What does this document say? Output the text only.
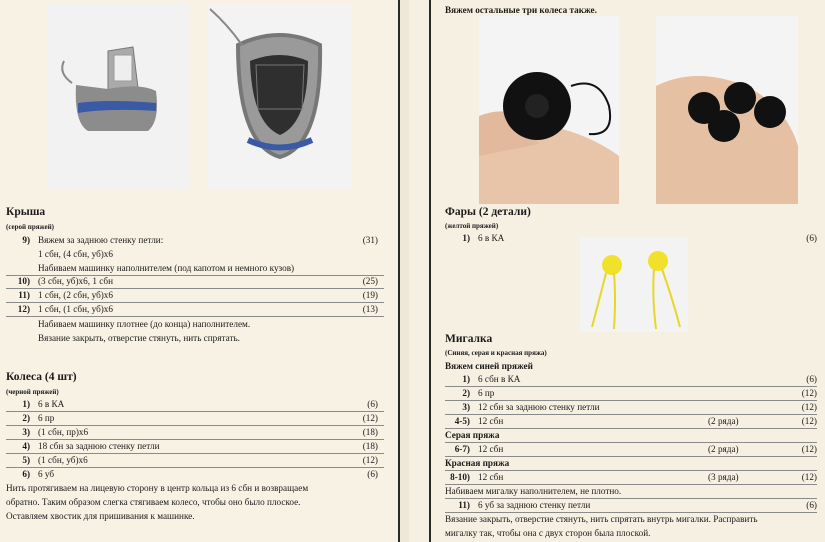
Крыша
(серой пряжей)
9) Вяжем за заднюю стенку петли:	(31)
1 сбн, (4 сбн, уб)х6
Набиваем машинку наполнителем (под капотом и немного кузов)
10) (3 сбн, уб)х6, 1 сбн	(25)
11) 1 сбн, (2 сбн, уб)х6	(19)
12) 1 сбн, (1 сбн, уб)х6	(13)
Набиваем машинку плотнее (до конца) наполнителем.
Вязание закрыть, отверстие стянуть, нить спрятать.
Колеса (4 шт)
(черной пряжей)
1) 6 в КА	(6)
2) 6 пр	(12)
3) (1 сбн, пр)х6	(18)
4) 18 сбн за заднюю стенку петли	(18)
5) (1 сбн, уб)х6	(12)
6) 6 уб	(6)
Нить протягиваем на лицевую сторону в центр кольца из 6 сбн и возвращаем
обратно. Таким образом слегка стягиваем колесо, чтобы оно было плоское.
Оставляем хвостик для пришивания к машинке.
Вяжем остальные три колеса также.
Фары (2 детали)
(желтой пряжей)
1) 6 в КА	(6)
Мигалка
(Синяя, серая и красная пряжа)
Вяжем синей пряжей
1) 6 сбн в КА	(6)
2) 6 пр	(12)
3) 12 сбн за заднюю стенку петли	(12)
4-5) 12 сбн	(2 ряда)	(12)
Серая пряжа
6-7) 12 сбн	(2 ряда)	(12)
Красная пряжа
8-10) 12 сбн	(3 ряда)	(12)
Набиваем мигалку наполнителем, не плотно.
11) 6 уб за заднюю стенку петли	(6)
Вязание закрыть, отверстие стянуть, нить спрятать внутрь мигалки. Расправить
мигалку так, чтобы она с двух сторон была плоской.
